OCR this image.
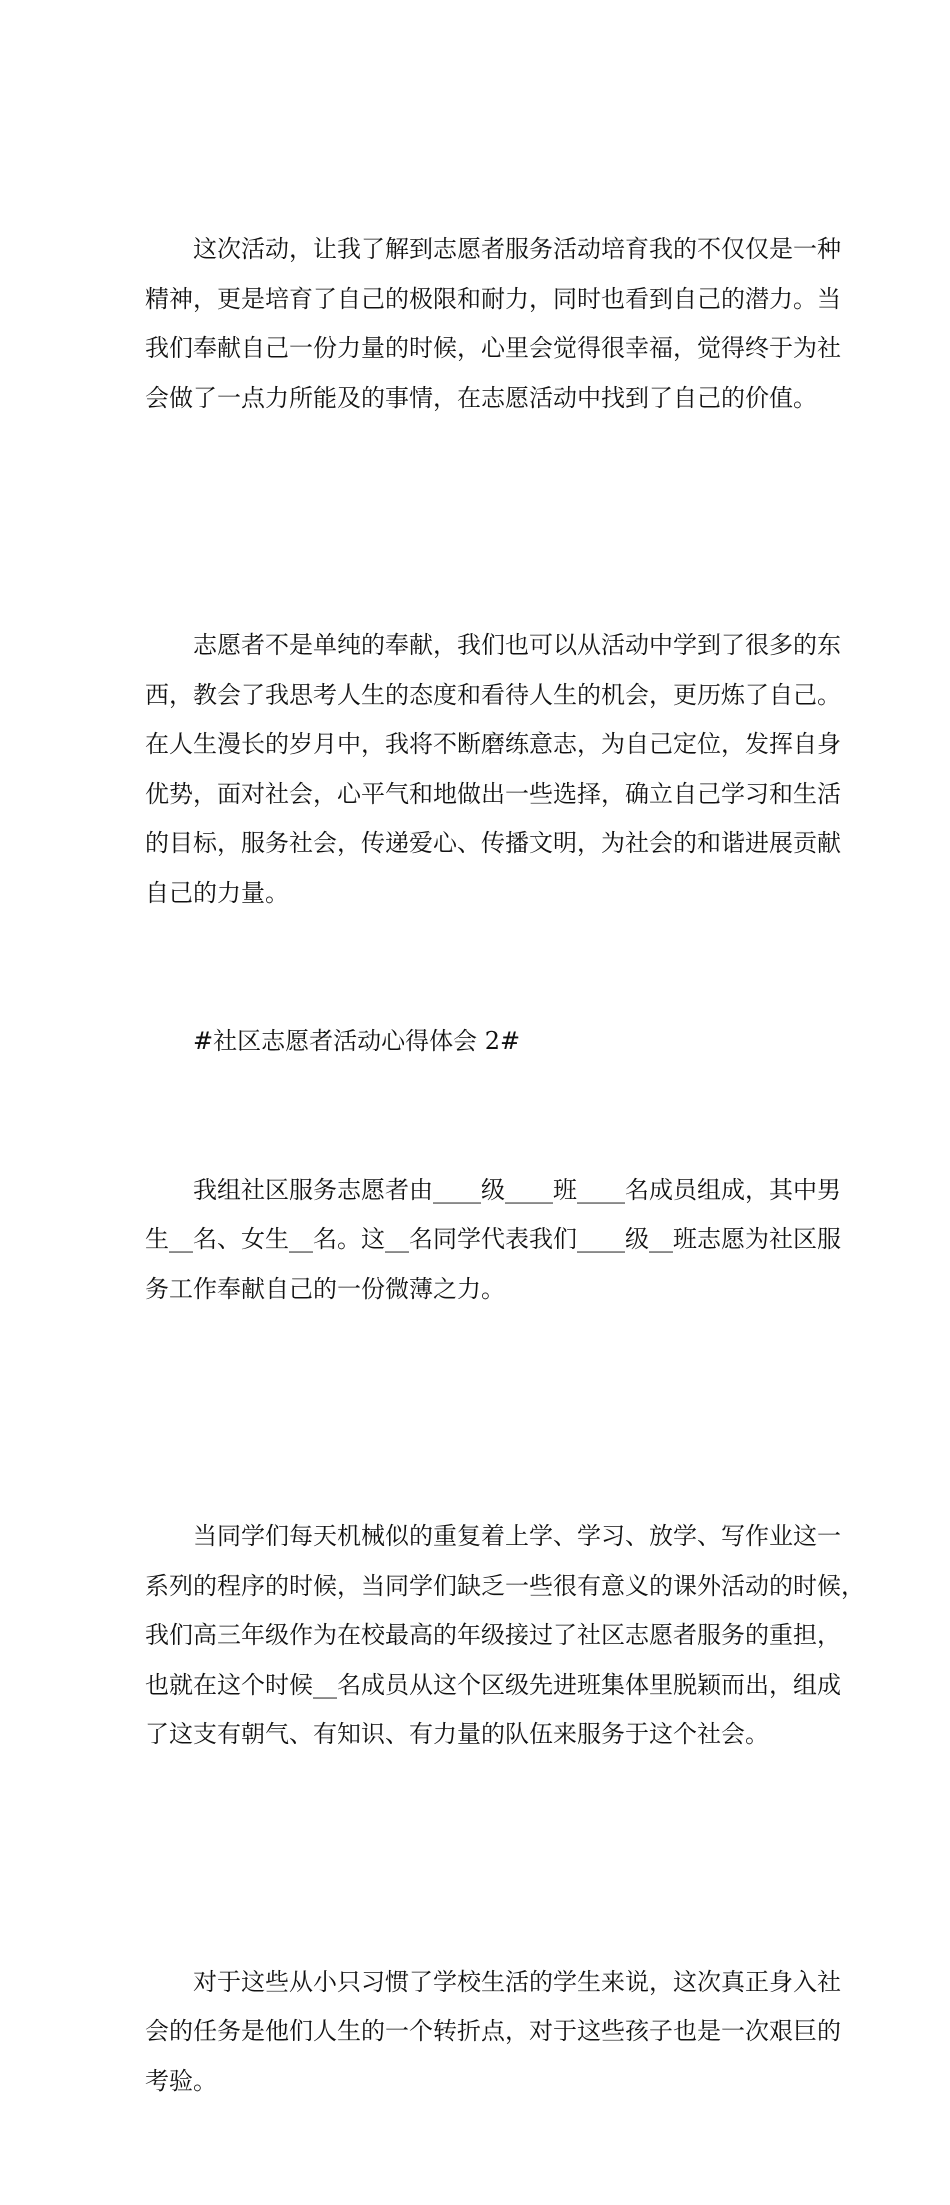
这次活动，让我了解到志愿者服务活动培育我的不仅仅是一种
精神，更是培育了自己的极限和耐力，同时也看到自己的潜力。当
我们奉献自己一份力量的时候，心里会觉得很幸福，觉得终于为社
会做了一点力所能及的事情，在志愿活动中找到了自己的价值。

志愿者不是单纯的奉献，我们也可以从活动中学到了很多的东
西，教会了我思考人生的态度和看待人生的机会，更历炼了自己。
在人生漫长的岁月中，我将不断磨练意志，为自己定位，发挥自身
优势，面对社会，心平气和地做出一些选择，确立自己学习和生活
的目标，服务社会，传递爱心、传播文明，为社会的和谐进展贡献
自己的力量。

#社区志愿者活动心得体会 2#

我组社区服务志愿者由____级____班____名成员组成，其中男
生__名、女生__名。这__名同学代表我们____级__班志愿为社区服
务工作奉献自己的一份微薄之力。

当同学们每天机械似的重复着上学、学习、放学、写作业这一
系列的程序的时候，当同学们缺乏一些很有意义的课外活动的时候，
我们高三年级作为在校最高的年级接过了社区志愿者服务的重担，
也就在这个时候__名成员从这个区级先进班集体里脱颖而出，组成
了这支有朝气、有知识、有力量的队伍来服务于这个社会。

对于这些从小只习惯了学校生活的学生来说，这次真正身入社
会的任务是他们人生的一个转折点，对于这些孩子也是一次艰巨的
考验。
